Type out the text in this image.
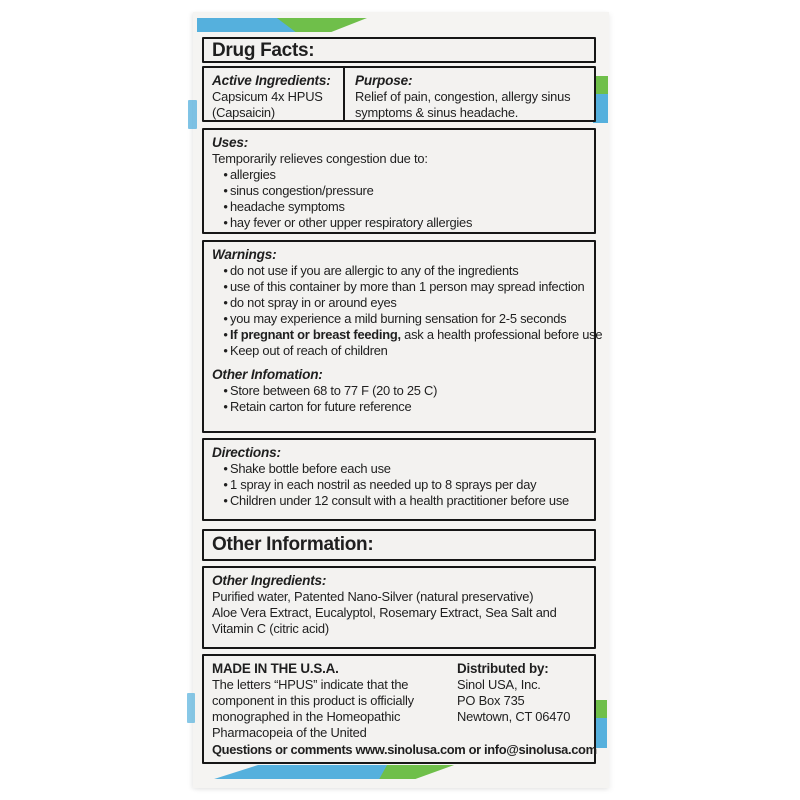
Drug Facts:
Active Ingredients:
Capsicum 4x HPUS
(Capsaicin)
Purpose:
Relief of pain, congestion, allergy sinus
symptoms & sinus headache.
Uses:
Temporarily relieves congestion due to:
• allergies
• sinus congestion/pressure
• headache symptoms
• hay fever or other upper respiratory allergies
Warnings:
• do not use if you are allergic to any of the ingredients
• use of this container by more than 1 person may spread infection
• do not spray in or around eyes
• you may experience a mild burning sensation for 2-5 seconds
• If pregnant or breast feeding, ask a health professional before use
• Keep out of reach of children
Other Infomation:
• Store between 68 to 77 F (20 to 25 C)
• Retain carton for future reference
Directions:
• Shake bottle before each use
• 1 spray in each nostril as needed up to 8 sprays per day
• Children under 12 consult with a health practitioner before use
Other Information:
Other Ingredients:
Purified water, Patented Nano-Silver (natural preservative)
Aloe Vera Extract, Eucalyptol, Rosemary Extract, Sea Salt and
Vitamin C (citric acid)
MADE IN THE U.S.A.
The letters “HPUS” indicate that the
component in this product is officially
monographed in the Homeopathic
Pharmacopeia of the United
Distributed by:
Sinol USA, Inc.
PO Box 735
Newtown, CT 06470
Questions or comments www.sinolusa.com or info@sinolusa.com
